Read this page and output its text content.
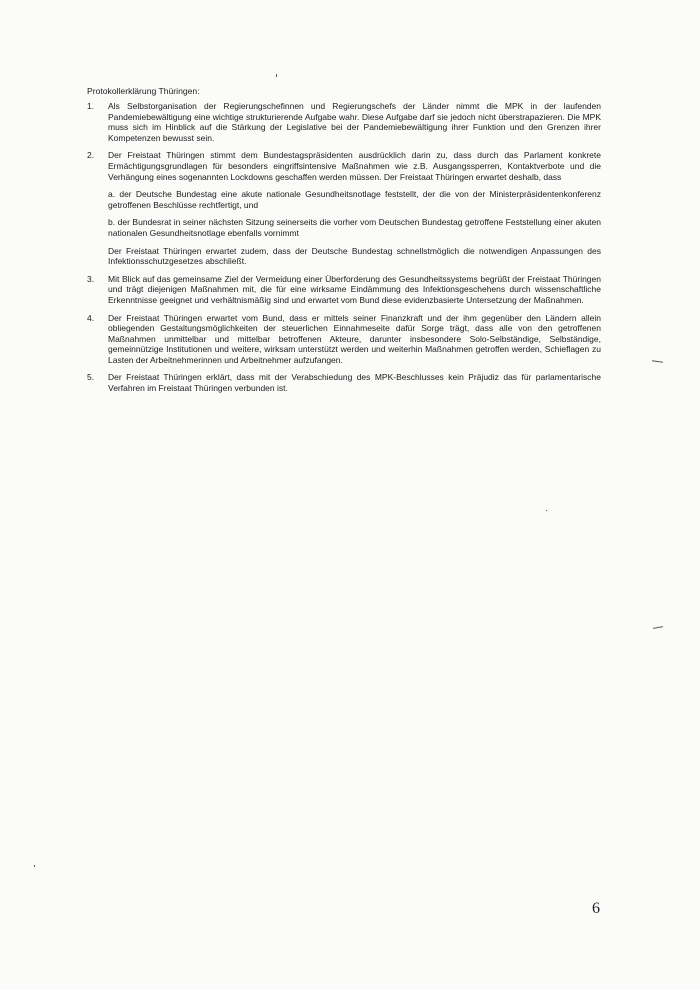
Protokollerklärung Thüringen:
1.	Als Selbstorganisation der Regierungschefinnen und Regierungschefs der Länder nimmt die MPK in der laufenden Pandemiebewältigung eine wichtige strukturierende Aufgabe wahr. Diese Aufgabe darf sie jedoch nicht überstrapazieren. Die MPK muss sich im Hinblick auf die Stärkung der Legislative bei der Pandemiebewältigung ihrer Funktion und den Grenzen ihrer Kompetenzen bewusst sein.

2.	Der Freistaat Thüringen stimmt dem Bundestagspräsidenten ausdrücklich darin zu, dass durch das Parlament konkrete Ermächtigungsgrundlagen für besonders eingriffsintensive Maßnahmen wie z.B. Ausgangssperren, Kontaktverbote und die Verhängung eines sogenannten Lockdowns geschaffen werden müssen. Der Freistaat Thüringen erwartet deshalb, dass

a. der Deutsche Bundestag eine akute nationale Gesundheitsnotlage feststellt, der die von der Ministerpräsidentenkonferenz getroffenen Beschlüsse rechtfertigt, und

b. der Bundesrat in seiner nächsten Sitzung seinerseits die vorher vom Deutschen Bundestag getroffene Feststellung einer akuten nationalen Gesundheitsnotlage ebenfalls vornimmt

Der Freistaat Thüringen erwartet zudem, dass der Deutsche Bundestag schnellstmöglich die notwendigen Anpassungen des Infektionsschutzgesetzes abschließt.

3.	Mit Blick auf das gemeinsame Ziel der Vermeidung einer Überforderung des Gesundheitssystems begrüßt der Freistaat Thüringen und trägt diejenigen Maßnahmen mit, die für eine wirksame Eindämmung des Infektionsgeschehens durch wissenschaftliche Erkenntnisse geeignet und verhältnismäßig sind und erwartet vom Bund diese evidenzbasierte Untersetzung der Maßnahmen.

4.	Der Freistaat Thüringen erwartet vom Bund, dass er mittels seiner Finanzkraft und der ihm gegenüber den Ländern allein obliegenden Gestaltungsmöglichkeiten der steuerlichen Einnahmeseite dafür Sorge trägt, dass alle von den getroffenen Maßnahmen unmittelbar und mittelbar betroffenen Akteure, darunter insbesondere Solo-Selbständige, Selbständige, gemeinnützige Institutionen und weitere, wirksam unterstützt werden und weiterhin Maßnahmen getroffen werden, Schieflagen zu Lasten der Arbeitnehmerinnen und Arbeitnehmer aufzufangen.

5.	Der Freistaat Thüringen erklärt, dass mit der Verabschiedung des MPK-Beschlusses kein Präjudiz das für parlamentarische Verfahren im Freistaat Thüringen verbunden ist.

6
